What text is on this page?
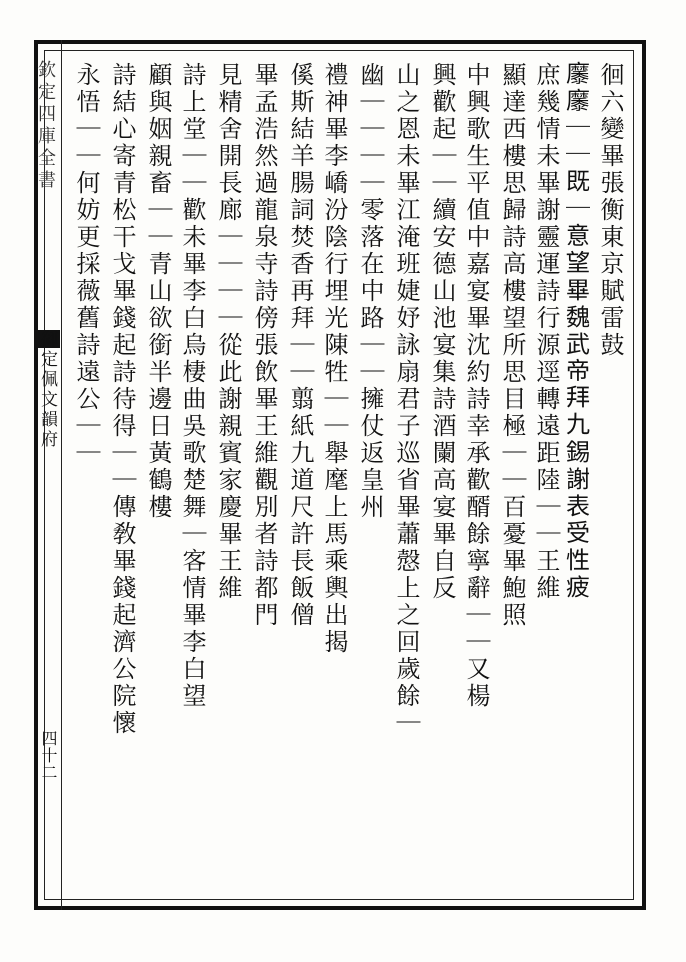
欽定四庫全書
御定佩文韻府
四十二
徊六變畢張衡東京賦雷鼓
𪎭𪎭｜｜既｜意望畢魏武帝拜九錫謝表受性疲
庶幾情未畢謝靈運詩行源逕轉遠距陸｜｜王維
顯達西樓思歸詩高樓望所思目極｜｜百憂畢鮑照
中興歌生平值中嘉宴畢沈約詩幸承歡醑餘寧辭｜｜又楊
興歡起｜｜續安德山池宴集詩酒闌高宴畢自反
山之恩未畢江淹班婕妤詠扇君子巡省畢蕭慤上之回歲餘｜
幽｜｜｜｜零落在中路｜｜擁仗返皇州
禮神畢李嶠汾陰行埋光陳牲｜｜舉麾上馬乘輿出揭
傒斯結羊腸詞焚香再拜｜｜翦紙九道尺許長飯僧
畢孟浩然過龍泉寺詩傍張飲畢王維觀別者詩都門
見精舍開長廊｜｜｜｜從此謝親賓家慶畢王維
詩上堂｜｜歡未畢李白烏棲曲吳歌楚舞｜客情畢李白望
顧與姻親畜｜｜青山欲銜半邊日黃鶴樓
詩結心寄青松干戈畢錢起詩待得｜｜傳敎畢錢起濟公院懷
永悟｜｜何妨更採薇舊詩遠公｜｜
